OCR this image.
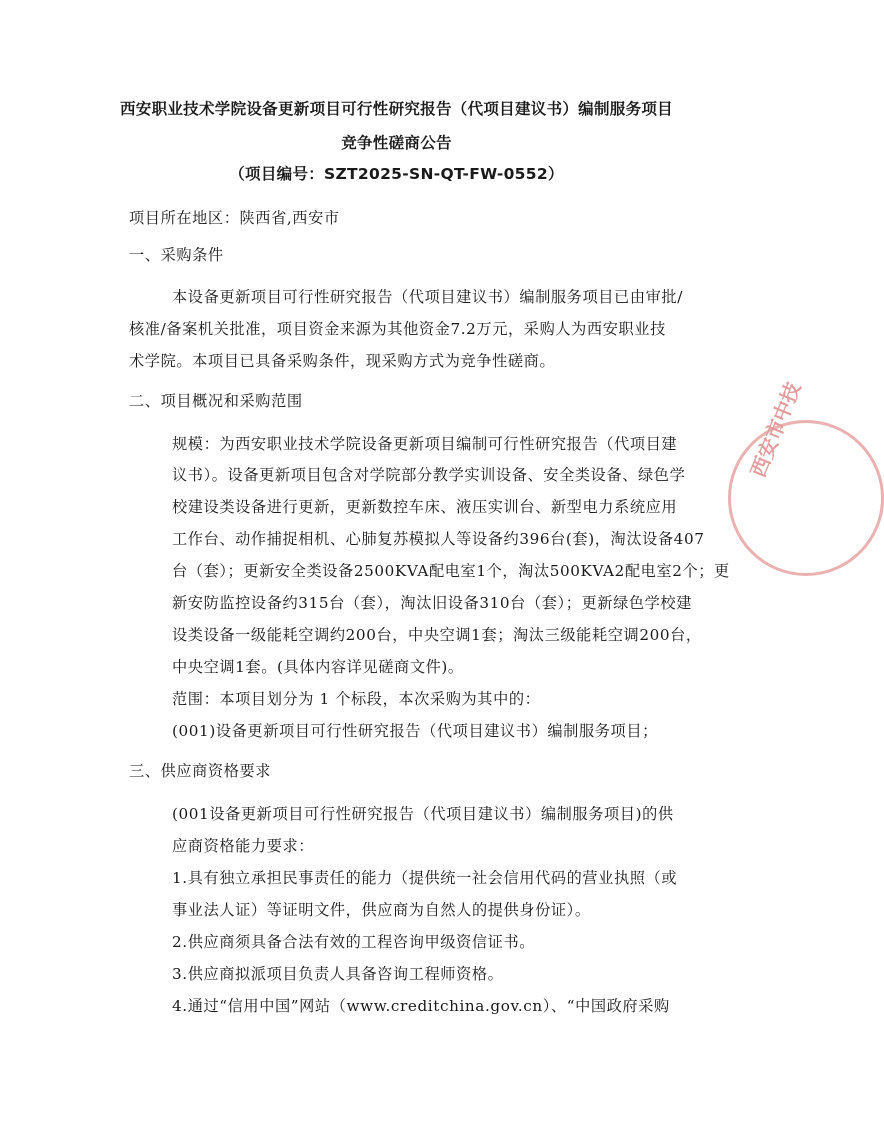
西安职业技术学院设备更新项目可行性研究报告（代项目建议书）编制服务项目
竞争性磋商公告
（项目编号：SZT2025-SN-QT-FW-0552）
项目所在地区：陕西省,西安市
一、采购条件
本设备更新项目可行性研究报告（代项目建议书）编制服务项目已由审批/
核准/备案机关批准，项目资金来源为其他资金7.2万元，采购人为西安职业技
术学院。本项目已具备采购条件，现采购方式为竞争性磋商。
二、项目概况和采购范围
规模：为西安职业技术学院设备更新项目编制可行性研究报告（代项目建
议书）。设备更新项目包含对学院部分教学实训设备、安全类设备、绿色学
校建设类设备进行更新，更新数控车床、液压实训台、新型电力系统应用
工作台、动作捕捉相机、心肺复苏模拟人等设备约396台(套)，淘汰设备407
台（套）；更新安全类设备2500KVA配电室1个，淘汰500KVA2配电室2个；更
新安防监控设备约315台（套），淘汰旧设备310台（套）；更新绿色学校建
设类设备一级能耗空调约200台，中央空调1套；淘汰三级能耗空调200台，
中央空调1套。(具体内容详见磋商文件)。
范围：本项目划分为 1 个标段，本次采购为其中的：
(001)设备更新项目可行性研究报告（代项目建议书）编制服务项目；
三、供应商资格要求
(001设备更新项目可行性研究报告（代项目建议书）编制服务项目)的供
应商资格能力要求：
1.具有独立承担民事责任的能力（提供统一社会信用代码的营业执照（或
事业法人证）等证明文件，供应商为自然人的提供身份证）。
2.供应商须具备合法有效的工程咨询甲级资信证书。
3.供应商拟派项目负责人具备咨询工程师资格。
4.通过“信用中国”网站（www.creditchina.gov.cn）、“中国政府采购
西安市中技
